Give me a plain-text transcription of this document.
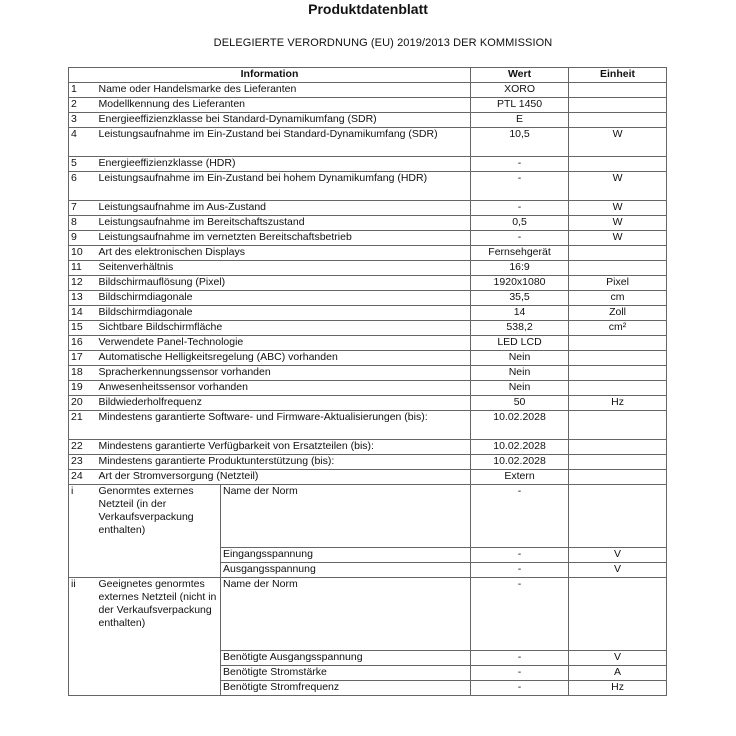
Produktdatenblatt
DELEGIERTE VERORDNUNG (EU) 2019/2013 DER KOMMISSION
Information			Wert	Einheit
1	Name oder Handelsmarke des Lieferanten		XORO	
2	Modellkennung des Lieferanten		PTL 1450	
3	Energieeffizienzklasse bei Standard-Dynamikumfang (SDR)		E	
4	Leistungsaufnahme im Ein-Zustand bei Standard-Dynamikumfang (SDR)		10,5	W
5	Energieeffizienzklasse (HDR)		-	
6	Leistungsaufnahme im Ein-Zustand bei hohem Dynamikumfang (HDR)		-	W
7	Leistungsaufnahme im Aus-Zustand		-	W
8	Leistungsaufnahme im Bereitschaftszustand		0,5	W
9	Leistungsaufnahme im vernetzten Bereitschaftsbetrieb		-	W
10	Art des elektronischen Displays		Fernsehgerät	
11	Seitenverhältnis		16:9	
12	Bildschirmauflösung (Pixel)		1920x1080	Pixel
13	Bildschirmdiagonale		35,5	cm
14	Bildschirmdiagonale		14	Zoll
15	Sichtbare Bildschirmfläche		538,2	cm²
16	Verwendete Panel-Technologie		LED LCD	
17	Automatische Helligkeitsregelung (ABC) vorhanden		Nein	
18	Spracherkennungssensor vorhanden		Nein	
19	Anwesenheitssensor vorhanden		Nein	
20	Bildwiederholfrequenz		50	Hz
21	Mindestens garantierte Software- und Firmware-Aktualisierungen (bis):		10.02.2028	
22	Mindestens garantierte Verfügbarkeit von Ersatzteilen (bis):		10.02.2028	
23	Mindestens garantierte Produktunterstützung (bis):		10.02.2028	
24	Art der Stromversorgung (Netzteil)		Extern	
i	Genormtes externes Netzteil (in der Verkaufsverpackung enthalten)	Name der Norm	-	
		Eingangsspannung	-	V
		Ausgangsspannung	-	V
ii	Geeignetes genormtes externes Netzteil (nicht in der Verkaufsverpackung enthalten)	Name der Norm	-	
		Benötigte Ausgangsspannung	-	V
		Benötigte Stromstärke	-	A
		Benötigte Stromfrequenz	-	Hz
